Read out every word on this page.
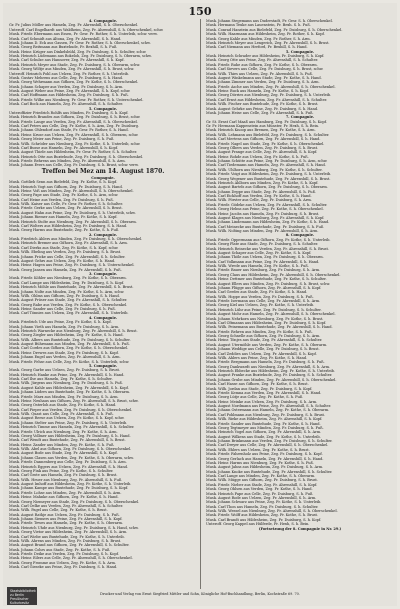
150
4. Compagnie.
Gr. Fr. Julius Möller aus Hameln, Zeg. Fr. Ahrenshill, S. h. Oberschenkel.
Unteroff. Carl Engelhardt aus Waldheim, Zeg. Fr. Ahrenshill, S. h. Oberschenkel, schw.
Musk. Friedr. Ebermann aus Essen, Fr. Gesr. Fr. Rother, S. h. Unterleib, schw. verw.
Musk. Carl Schmidt aus Altona, Zeg. Fr. Ahrenshill, S. h. Hand.
Musk. Johann D. Eck aus Gassen, Fr. Gesr. Fr. Rother, S. h. Oberschenkel, schw.
Musk. Georg Reitmann aus Buxtehude, Fr. Bexhill, S. h. Fuß.
Musk. Heinr. Krüger aus Dinkelsbühl, Zeg. Fr. Duisburg, S. h. Schulter, schw.
Musk. Heinrich Lüdemann aus Bokeloh, Zeg. Fr. Duisburg, S. h. Oberarm, schw.
Musk. Carl Schulze aus Hannover, Zeg. Fr. Ahrenshill, S. h. Kopf.
Musk. Heinrich Meyer aus Stade, Zeg. Fr. Duisburg, S. h. Oberarm, schw.
Musk. Georg Wöltje aus Minden, Zeg. Fr. Ahrenshill, S. h. Brust, schw.
Unteroff. Heinrich Pohl aus Uelzen, Zeg. Fr. Rother, S. h. Unterleib.
Musk. Gustav Mehrens aus Celle, Zeg. Fr. Duisburg, S. h. Hand.
Musk. Georg Wehrmann aus Gifhorn, Zeg. Fr. Kothe, S. h. Oberschenkel.
Musk. Johann Schaper aus Verden, Zeg. Fr. Duisburg, S. h. Arm.
Musk. August Weber aus Peine, Zeg. Fr. Ahrenshill, S. h. Kopf, schw.
Musk. Carl Hoffmann aus Hildesheim, Zeg. Fr. Duisburg, S. h. Fuß.
Musk. Friedr. Wilke aus Nienburg, Fr. Gesr. Fr. Rother, S. h. Unterschenkel.
Musk. Carl Bock aus Hameln, Zeg. Fr. Ahrenshill, S. h. Schulter.
5. Compagnie.
Unteroffizier Friedrich Rohlfs aus Minden, Fr. Duisburg, S. h. Kopf.
Musk. Heinrich Brandes aus Gifhorn, Zeg. Fr. Duisburg, S. h. Brust, schw.
Musk. Friedr. Lange aus Verden, Zeg. Fr. Ahrenshill, S. h. Oberschenkel.
Musk. Carl Peters aus Celle, Zeg. Fr. Kothe, S. h. Arm, Zeg. Fr. Duisburg.
Musk. Johann Ohlendorf aus Stade, Fr. Gesr. Fr. Rother, S. h. Hand.
Musk. Heinr. Kruse aus Uelzen, Zeg. Fr. Ahrenshill, S. h. Oberarm, schw.
Musk. Georg Meier aus Peine, Zeg. Fr. Duisburg, S. h. Fuß.
Musk. Wilh. Schröder aus Nienburg, Zeg. Fr. Kothe, S. h. Unterleib, schw.
Musk. Carl Busse aus Hameln, Zeg. Fr. Ahrenshill, S. h. Kopf.
Musk. August Thiele aus Hildesheim, Fr. Gesr. Fr. Rother, S. h. Schulter.
Musk. Heinrich Otte aus Buxtehude, Zeg. Fr. Duisburg, S. h. Oberschenkel.
Musk. Friedr. Behrens aus Minden, Zeg. Fr. Ahrenshill, S. h. Arm.
Musk. Johann Evers aus Celle, Zeg. Fr. Duisburg, S. h. Brust, schw. verw.
Treffen bei Mez am 14. August 1870.
Compagnie.
Musk. Gottlieb Senn aus Bielefeld, Zeg. Fr. Kothe, S. h. Kopf.
Musk. Heinrich Vogt aus Gifhorn, Zeg. Fr. Duisburg, S. h. Hand.
Musk. Heinr. Voß aus Minden, Zeg. Fr. Ahrenshill, S. h. Oberschenkel.
Musk. Georg Pape aus Stade, Zeg. Fr. Kothe, S. h. Arm, schw.
Musk. Carl Heine aus Verden, Zeg. Fr. Duisburg, S. h. Fuß.
Musk. Wilh. Kaiser aus Celle, Fr. Gesr. Fr. Rother, S. h. Schulter.
Musk. Friedr. Gerke aus Uelzen, Zeg. Fr. Ahrenshill, S. h. Brust.
Musk. August Hahn aus Peine, Zeg. Fr. Duisburg, S. h. Unterleib, schw.
Musk. Johann Riemer aus Hameln, Zeg. Fr. Kothe, S. h. Kopf.
Musk. Heinrich Stolte aus Nienburg, Zeg. Fr. Ahrenshill, S. h. Oberarm.
Musk. Carl Wolters aus Hildesheim, Zeg. Fr. Duisburg, S. h. Hand.
Musk. Georg Harms aus Buxtehude, Zeg. Fr. Kothe, S. h. Fuß.
2. Compagnie.
Musk. Friedrich Ahlers aus Minden, Zeg. Fr. Duisburg, S. h. Oberschenkel.
Musk. Heinrich Bremer aus Gifhorn, Zeg. Fr. Ahrenshill, S. h. Arm.
Musk. Carl Dierks aus Stade, Zeg. Fr. Kothe, S. h. Kopf, schw.
Musk. Wilh. Ebeling aus Verden, Zeg. Fr. Duisburg, S. h. Brust.
Musk. Johann Fricke aus Celle, Zeg. Fr. Ahrenshill, S. h. Schulter.
Musk. August Gehrs aus Uelzen, Zeg. Fr. Kothe, S. h. Hand.
Musk. Heinr. Hagen aus Peine, Zeg. Fr. Duisburg, S. h. Unterschenkel.
Musk. Georg Jansen aus Hameln, Zeg. Fr. Ahrenshill, S. h. Fuß.
3. Compagnie.
Musk. Friedr. Köhler aus Nienburg, Zeg. Fr. Kothe, S. h. Oberarm.
Musk. Carl Lampe aus Hildesheim, Zeg. Fr. Duisburg, S. h. Kopf.
Musk. Heinrich Möhle aus Buxtehude, Zeg. Fr. Ahrenshill, S. h. Brust.
Musk. Johann Nolte aus Minden, Zeg. Fr. Kothe, S. h. Arm, schw.
Musk. Wilh. Ohlms aus Gifhorn, Zeg. Fr. Duisburg, S. h. Hand.
Musk. August Prüser aus Stade, Zeg. Fr. Ahrenshill, S. h. Schulter.
Musk. Georg Rabe aus Verden, Zeg. Fr. Kothe, S. h. Oberschenkel.
Musk. Heinr. Sander aus Celle, Zeg. Fr. Duisburg, S. h. Fuß.
Musk. Carl Tönnies aus Uelzen, Zeg. Fr. Ahrenshill, S. h. Unterleib.
4. Compagnie.
Musk. Friedrich Ude aus Peine, Zeg. Fr. Kothe, S. h. Kopf.
Musk. Johann Vieth aus Hameln, Zeg. Fr. Duisburg, S. h. Arm.
Musk. Heinrich Warnecke aus Nienburg, Zeg. Fr. Ahrenshill, S. h. Brust.
Musk. Georg Ziegler aus Hildesheim, Zeg. Fr. Kothe, S. h. Hand.
Musk. Wilh. Albers aus Buxtehude, Zeg. Fr. Duisburg, S. h. Schulter.
Musk. August Bührmann aus Minden, Zeg. Fr. Ahrenshill, S. h. Fuß.
Musk. Carl Cordes aus Gifhorn, Zeg. Fr. Kothe, S. h. Oberschenkel.
Musk. Heinr. Drewes aus Stade, Zeg. Fr. Duisburg, S. h. Kopf.
Musk. Johann Engel aus Verden, Zeg. Fr. Ahrenshill, S. h. Arm.
Musk. Friedr. Fehse aus Celle, Zeg. Fr. Kothe, S. h. Unterleib, schw.
5. Compagnie.
Musk. Georg Garbe aus Uelzen, Zeg. Fr. Duisburg, S. h. Brust.
Musk. Heinrich Hanke aus Peine, Zeg. Fr. Ahrenshill, S. h. Hand.
Musk. Carl Ilse aus Hameln, Zeg. Fr. Kothe, S. h. Schulter.
Musk. Wilh. Jürgens aus Nienburg, Zeg. Fr. Duisburg, S. h. Fuß.
Musk. August Kahle aus Hildesheim, Zeg. Fr. Ahrenshill, S. h. Kopf.
Musk. Johann Lüders aus Buxtehude, Zeg. Fr. Kothe, S. h. Oberarm.
Musk. Friedr. Marx aus Minden, Zeg. Fr. Duisburg, S. h. Arm.
Musk. Heinr. Neuhaus aus Gifhorn, Zeg. Fr. Ahrenshill, S. h. Brust, schw.
Musk. Georg Osterloh aus Stade, Zeg. Fr. Kothe, S. h. Hand.
Musk. Carl Pieper aus Verden, Zeg. Fr. Duisburg, S. h. Oberschenkel.
Musk. Wilh. Quast aus Celle, Zeg. Fr. Ahrenshill, S. h. Fuß.
Musk. August Reese aus Uelzen, Zeg. Fr. Kothe, S. h. Kopf, schw.
Musk. Johann Stelter aus Peine, Zeg. Fr. Duisburg, S. h. Unterleib.
Musk. Heinrich Timme aus Hameln, Zeg. Fr. Ahrenshill, S. h. Schulter.
Musk. Friedr. Ulrich aus Nienburg, Zeg. Fr. Kothe, S. h. Arm.
Musk. Georg Vollmer aus Hildesheim, Zeg. Fr. Duisburg, S. h. Hand.
Musk. Carl Wendt aus Buxtehude, Zeg. Fr. Ahrenshill, S. h. Brust.
Musk. Heinr. Zander aus Minden, Zeg. Fr. Kothe, S. h. Fuß.
Musk. Wilh. Abel aus Gifhorn, Zeg. Fr. Duisburg, S. h. Oberschenkel.
Musk. August Bode aus Stade, Zeg. Fr. Ahrenshill, S. h. Kopf.
Musk. Johann Clasen aus Verden, Zeg. Fr. Kothe, S. h. Oberarm, schw.
Musk. Friedr. Dannenberg aus Celle, Zeg. Fr. Duisburg, S. h. Arm.
Musk. Heinrich Eggers aus Uelzen, Zeg. Fr. Ahrenshill, S. h. Hand.
Musk. Georg Fink aus Peine, Zeg. Fr. Kothe, S. h. Schulter.
Musk. Carl Grote aus Hameln, Zeg. Fr. Duisburg, S. h. Brust.
Musk. Wilh. Heuer aus Nienburg, Zeg. Fr. Ahrenshill, S. h. Fuß.
Musk. August Imhoff aus Hildesheim, Zeg. Fr. Kothe, S. h. Unterleib.
Musk. Johann Kampe aus Buxtehude, Zeg. Fr. Duisburg, S. h. Kopf.
Musk. Friedr. Lohse aus Minden, Zeg. Fr. Ahrenshill, S. h. Arm.
Musk. Heinr. Mahnke aus Gifhorn, Zeg. Fr. Kothe, S. h. Hand.
Musk. Georg Niemeyer aus Stade, Zeg. Fr. Duisburg, S. h. Oberschenkel.
Musk. Carl Oelke aus Verden, Zeg. Fr. Ahrenshill, S. h. Schulter.
Musk. Wilh. Pagel aus Celle, Zeg. Fr. Kothe, S. h. Brust.
Musk. August Rathje aus Uelzen, Zeg. Fr. Duisburg, S. h. Fuß.
Musk. Johann Siemers aus Peine, Zeg. Fr. Ahrenshill, S. h. Kopf.
Musk. Friedr. Tewes aus Hameln, Zeg. Fr. Kothe, S. h. Oberarm.
Musk. Heinrich Uhde aus Nienburg, Zeg. Fr. Duisburg, S. h. Hand, schw.
Musk. Georg Vietor aus Hildesheim, Zeg. Fr. Ahrenshill, S. h. Arm.
Musk. Carl Wiebe aus Buxtehude, Zeg. Fr. Kothe, S. h. Unterleib.
Musk. Wilh. Ahrens aus Minden, Zeg. Fr. Duisburg, S. h. Brust.
Musk. August Brand aus Gifhorn, Zeg. Fr. Ahrenshill, S. h. Schulter.
Musk. Johann Cohrs aus Stade, Zeg. Fr. Kothe, S. h. Fuß.
Musk. Friedr. Deike aus Verden, Zeg. Fr. Duisburg, S. h. Kopf.
Musk. Heinr. Eilers aus Celle, Zeg. Fr. Ahrenshill, S. h. Oberschenkel.
Musk. Georg Fromme aus Uelzen, Zeg. Fr. Kothe, S. h. Arm.
Musk. Carl Gieseke aus Peine, Zeg. Fr. Duisburg, S. h. Hand.
Musk. Johann Stegemann aus Duderstadt, Fr. Gesr. S. h. Oberschenkel.
Musk. Hermann Teuke aus Lauenstein, Fr. Bexh. S. h. Fuß.
Musk. Conrad Hanstein aus Bielefeld, Zeg. Fr. Duisburg, S. h. Oberschenkel.
Musk. Wilh. Haarmann aus Hildesheim, Zeg. Fr. Rother, S. h. Kopf.
Musk. Georg Kahle aus Minden, Zeg. Fr. Rother, S. h. Arm.
Musk. Heinrich Meyer aus Lengerich, Zeg. Fr. Ahrenshill, S. h. Brust.
Musk. Carl Niemann aus Herford, Fr. Bexhill, S. h. Hand.
5. Compagnie.
Musk. Heinrich Schrader aus Hildesheim, Fr. Duisburg, S. h. Kopf.
Musk. Georg Otte aus Peine, Zeg. Fr. Ahrenshill, S. h. Schulter.
Musk. Friedr. Ruhe aus Gifhorn, Zeg. Fr. Kothe, S. h. Oberarm.
Musk. Carl Sievers aus Celle, Zeg. Fr. Duisburg, S. h. Brust, schw.
Musk. Wilh. Thies aus Uelzen, Zeg. Fr. Ahrenshill, S. h. Fuß.
Musk. August Winkelmann aus Stade, Zeg. Fr. Kothe, S. h. Hand.
Musk. Johann Zimmer aus Verden, Zeg. Fr. Duisburg, S. h. Arm.
Musk. Friedr. Asche aus Minden, Zeg. Fr. Ahrenshill, S. h. Oberschenkel.
Musk. Heinr. Buck aus Hameln, Zeg. Fr. Kothe, S. h. Kopf.
Musk. Georg Dörries aus Nienburg, Zeg. Fr. Duisburg, S. h. Unterleib.
Musk. Carl Ernst aus Hildesheim, Zeg. Fr. Ahrenshill, S. h. Schulter.
Musk. Wilh. Fischer aus Buxtehude, Zeg. Fr. Kothe, S. h. Brust.
Musk. August Gehrke aus Peine, Zeg. Fr. Duisburg, S. h. Hand.
Musk. Johann Heise aus Celle, Zeg. Fr. Ahrenshill, S. h. Fuß.
7. Compagnie.
Gr. St. Ernst Carl Maaß aus Hamburg, Zeg. Fr. Duisburg, S. h. Kopf.
Gr. Fr. Hermann Kappenstein aus Münster, Fr. Hexh, S. h. Bein.
Musk. Heinrich Knoop aus Bremen, Zeg. Fr. Kothe, S. h. Arm.
Musk. Wilh. Lehmann aus Bielefeld, Zeg. Fr. Duisburg, S. h. Schulter.
Musk. Carl Mertens aus Gifhorn, Zeg. Fr. Ahrenshill, S. h. Hand.
Musk. Friedr. Nagel aus Stade, Zeg. Fr. Kothe, S. h. Oberschenkel.
Musk. Georg Olbers aus Verden, Zeg. Fr. Duisburg, S. h. Brust.
Musk. August Prange aus Celle, Zeg. Fr. Ahrenshill, S. h. Kopf.
Musk. Heinr. Rohde aus Uelzen, Zeg. Fr. Kothe, S. h. Fuß.
Musk. Johann Schütte aus Peine, Zeg. Fr. Duisburg, S. h. Arm, schw.
Musk. Carl Tiedemann aus Hameln, Zeg. Fr. Ahrenshill, S. h. Hand.
Musk. Wilh. Uhlhorn aus Nienburg, Zeg. Fr. Kothe, S. h. Schulter.
Musk. Friedr. Voigt aus Hildesheim, Zeg. Fr. Duisburg, S. h. Unterleib.
Musk. Georg Wegener aus Buxtehude, Zeg. Fr. Ahrenshill, S. h. Brust.
Musk. Heinrich Ahlborn aus Minden, Zeg. Fr. Kothe, S. h. Kopf.
Musk. August Bartels aus Gifhorn, Zeg. Fr. Duisburg, S. h. Oberarm.
Musk. Johann Deppe aus Stade, Zeg. Fr. Ahrenshill, S. h. Fuß.
Musk. Carl Eickhoff aus Verden, Zeg. Fr. Kothe, S. h. Hand.
Musk. Wilh. Förster aus Celle, Zeg. Fr. Duisburg, S. h. Arm.
Musk. Friedr. Gödeke aus Uelzen, Zeg. Fr. Ahrenshill, S. h. Schulter.
Musk. Georg Helms aus Peine, Zeg. Fr. Kothe, S. h. Oberschenkel.
Musk. Heinr. Jacobs aus Hameln, Zeg. Fr. Duisburg, S. h. Brust.
Musk. August Klages aus Nienburg, Zeg. Fr. Ahrenshill, S. h. Kopf.
Musk. Johann Lindemann aus Hildesheim, Zeg. Fr. Kothe, S. h. Hand.
Musk. Carl Meinecke aus Buxtehude, Zeg. Fr. Duisburg, S. h. Fuß.
Musk. Wilh. Nolting aus Minden, Zeg. Fr. Ahrenshill, S. h. Arm.
8. Compagnie.
Musk. Friedr. Oppermann aus Gifhorn, Zeg. Fr. Kothe, S. h. Unterleib.
Musk. Georg Plate aus Stade, Zeg. Fr. Duisburg, S. h. Schulter.
Musk. Heinrich Reinecke aus Verden, Zeg. Fr. Ahrenshill, S. h. Brust.
Musk. August Schaper aus Celle, Zeg. Fr. Kothe, S. h. Kopf.
Musk. Johann Thöle aus Uelzen, Zeg. Fr. Duisburg, S. h. Oberarm.
Musk. Carl Volkmann aus Peine, Zeg. Fr. Ahrenshill, S. h. Hand.
Musk. Wilh. Wrede aus Hameln, Zeg. Fr. Kothe, S. h. Fuß.
Musk. Friedr. Bauer aus Nienburg, Zeg. Fr. Duisburg, S. h. Arm.
Musk. Georg Claus aus Hildesheim, Zeg. Fr. Ahrenshill, S. h. Oberschenkel.
Musk. Heinr. Dettmer aus Buxtehude, Zeg. Fr. Kothe, S. h. Schulter.
Musk. August Ellers aus Minden, Zeg. Fr. Duisburg, S. h. Brust, schw.
Musk. Johann Flügge aus Gifhorn, Zeg. Fr. Ahrenshill, S. h. Kopf.
Musk. Carl Gerdes aus Stade, Zeg. Fr. Kothe, S. h. Hand.
Musk. Wilh. Hoppe aus Verden, Zeg. Fr. Duisburg, S. h. Fuß.
Musk. Friedr. Isermann aus Celle, Zeg. Fr. Ahrenshill, S. h. Arm.
Musk. Georg Kiel aus Uelzen, Zeg. Fr. Kothe, S. h. Unterleib.
Musk. Heinrich Lühr aus Peine, Zeg. Fr. Duisburg, S. h. Schulter.
Musk. August Mohr aus Hameln, Zeg. Fr. Ahrenshill, S. h. Oberschenkel.
Musk. Johann Nehrkorn aus Nienburg, Zeg. Fr. Kothe, S. h. Brust.
Musk. Carl Oltmanns aus Hildesheim, Zeg. Fr. Duisburg, S. h. Kopf.
Musk. Wilh. Peinemann aus Buxtehude, Zeg. Fr. Ahrenshill, S. h. Hand.
Musk. Friedr. Rehren aus Minden, Zeg. Fr. Kothe, S. h. Fuß.
Musk. Georg Schnelle aus Gifhorn, Zeg. Fr. Duisburg, S. h. Arm.
Musk. Heinr. Tönjes aus Stade, Zeg. Fr. Ahrenshill, S. h. Schulter.
Musk. August Utermöhle aus Verden, Zeg. Fr. Kothe, S. h. Oberarm.
Musk. Johann Weddige aus Celle, Zeg. Fr. Duisburg, S. h. Brust.
Musk. Carl Zeddies aus Uelzen, Zeg. Fr. Ahrenshill, S. h. Kopf.
Musk. Wilh. Ahlers aus Peine, Zeg. Fr. Kothe, S. h. Hand.
Musk. Friedr. Bergmann aus Hameln, Zeg. Fr. Duisburg, S. h. Fuß.
Musk. Georg Dankwardt aus Nienburg, Zeg. Fr. Ahrenshill, S. h. Arm.
Musk. Heinrich Ebbecke aus Hildesheim, Zeg. Fr. Kothe, S. h. Unterleib.
Musk. August Franke aus Buxtehude, Zeg. Fr. Duisburg, S. h. Schulter.
Musk. Johann Grube aus Minden, Zeg. Fr. Ahrenshill, S. h. Oberschenkel.
Musk. Carl Hasse aus Gifhorn, Zeg. Fr. Kothe, S. h. Brust.
Musk. Wilh. Jordan aus Stade, Zeg. Fr. Duisburg, S. h. Kopf.
Musk. Friedr. Kemna aus Verden, Zeg. Fr. Ahrenshill, S. h. Hand.
Musk. Georg Lütje aus Celle, Zeg. Fr. Kothe, S. h. Fuß.
Musk. Heinr. Meinke aus Uelzen, Zeg. Fr. Duisburg, S. h. Arm.
Musk. August Nordmann aus Peine, Zeg. Fr. Ahrenshill, S. h. Schulter.
Musk. Johann Ostermann aus Hameln, Zeg. Fr. Kothe, S. h. Oberarm.
Musk. Carl Pohlmann aus Nienburg, Zeg. Fr. Duisburg, S. h. Brust.
Musk. Wilh. Rieke aus Hildesheim, Zeg. Fr. Ahrenshill, S. h. Kopf.
Musk. Friedr. Sander aus Buxtehude, Zeg. Fr. Kothe, S. h. Hand.
Musk. Georg Tegtmeyer aus Minden, Zeg. Fr. Duisburg, S. h. Fuß.
Musk. Heinrich Vogel aus Gifhorn, Zeg. Fr. Ahrenshill, S. h. Arm.
Musk. August Wilkens aus Stade, Zeg. Fr. Kothe, S. h. Unterleib.
Musk. Johann Brinkmann aus Verden, Zeg. Fr. Duisburg, S. h. Schulter.
Musk. Carl Dreyer aus Celle, Zeg. Fr. Ahrenshill, S. h. Oberschenkel.
Musk. Wilh. Ehlers aus Uelzen, Zeg. Fr. Kothe, S. h. Brust.
Musk. Friedr. Fahrenholz aus Peine, Zeg. Fr. Duisburg, S. h. Kopf.
Musk. Georg Gerlach aus Hameln, Zeg. Fr. Ahrenshill, S. h. Hand.
Musk. Heinr. Harms aus Nienburg, Zeg. Fr. Kothe, S. h. Fuß.
Musk. August Jahns aus Hildesheim, Zeg. Fr. Duisburg, S. h. Arm.
Musk. Johann Knoke aus Buxtehude, Zeg. Fr. Ahrenshill, S. h. Schulter.
Musk. Carl Lange aus Minden, Zeg. Fr. Kothe, S. h. Oberarm.
Musk. Wilh. Mügge aus Gifhorn, Zeg. Fr. Duisburg, S. h. Brust.
Musk. Friedr. Nieber aus Stade, Zeg. Fr. Ahrenshill, S. h. Kopf.
Musk. Georg Ohlsen aus Verden, Zeg. Fr. Kothe, S. h. Hand.
Musk. Heinrich Pape aus Celle, Zeg. Fr. Duisburg, S. h. Fuß.
Musk. August Rode aus Uelzen, Zeg. Fr. Ahrenshill, S. h. Arm.
Musk. Johann Schwarz aus Peine, Zeg. Fr. Kothe, S. h. Unterleib.
Musk. Carl Thon aus Hameln, Zeg. Fr. Duisburg, S. h. Schulter.
Musk. Wilh. Wessel aus Nienburg, Zeg. Fr. Ahrenshill, S. h. Oberschenkel.
Musk. Friedr. Wolff aus Hildesheim, Zeg. Fr. Kothe, S. h. Brust.
Musk. Carl Brandt aus Hildesheim, Zeg. Fr. Duisburg, S. h. Kopf.
Unteroff. Georg Kappel aus Hülferde, Fr. Hexh, S. h. Bein.
(Fortsetzung der 8. Compagnie in Nr. 29.)
Drucker und Verlag von Ernst Siegfried Mittler und Sohn, Königliche Hof-Buchhandlung, Berlin, Kochstraße 69. 70.
Staatsbibliothek
zu Berlin
Preußischer Kulturbesitz
